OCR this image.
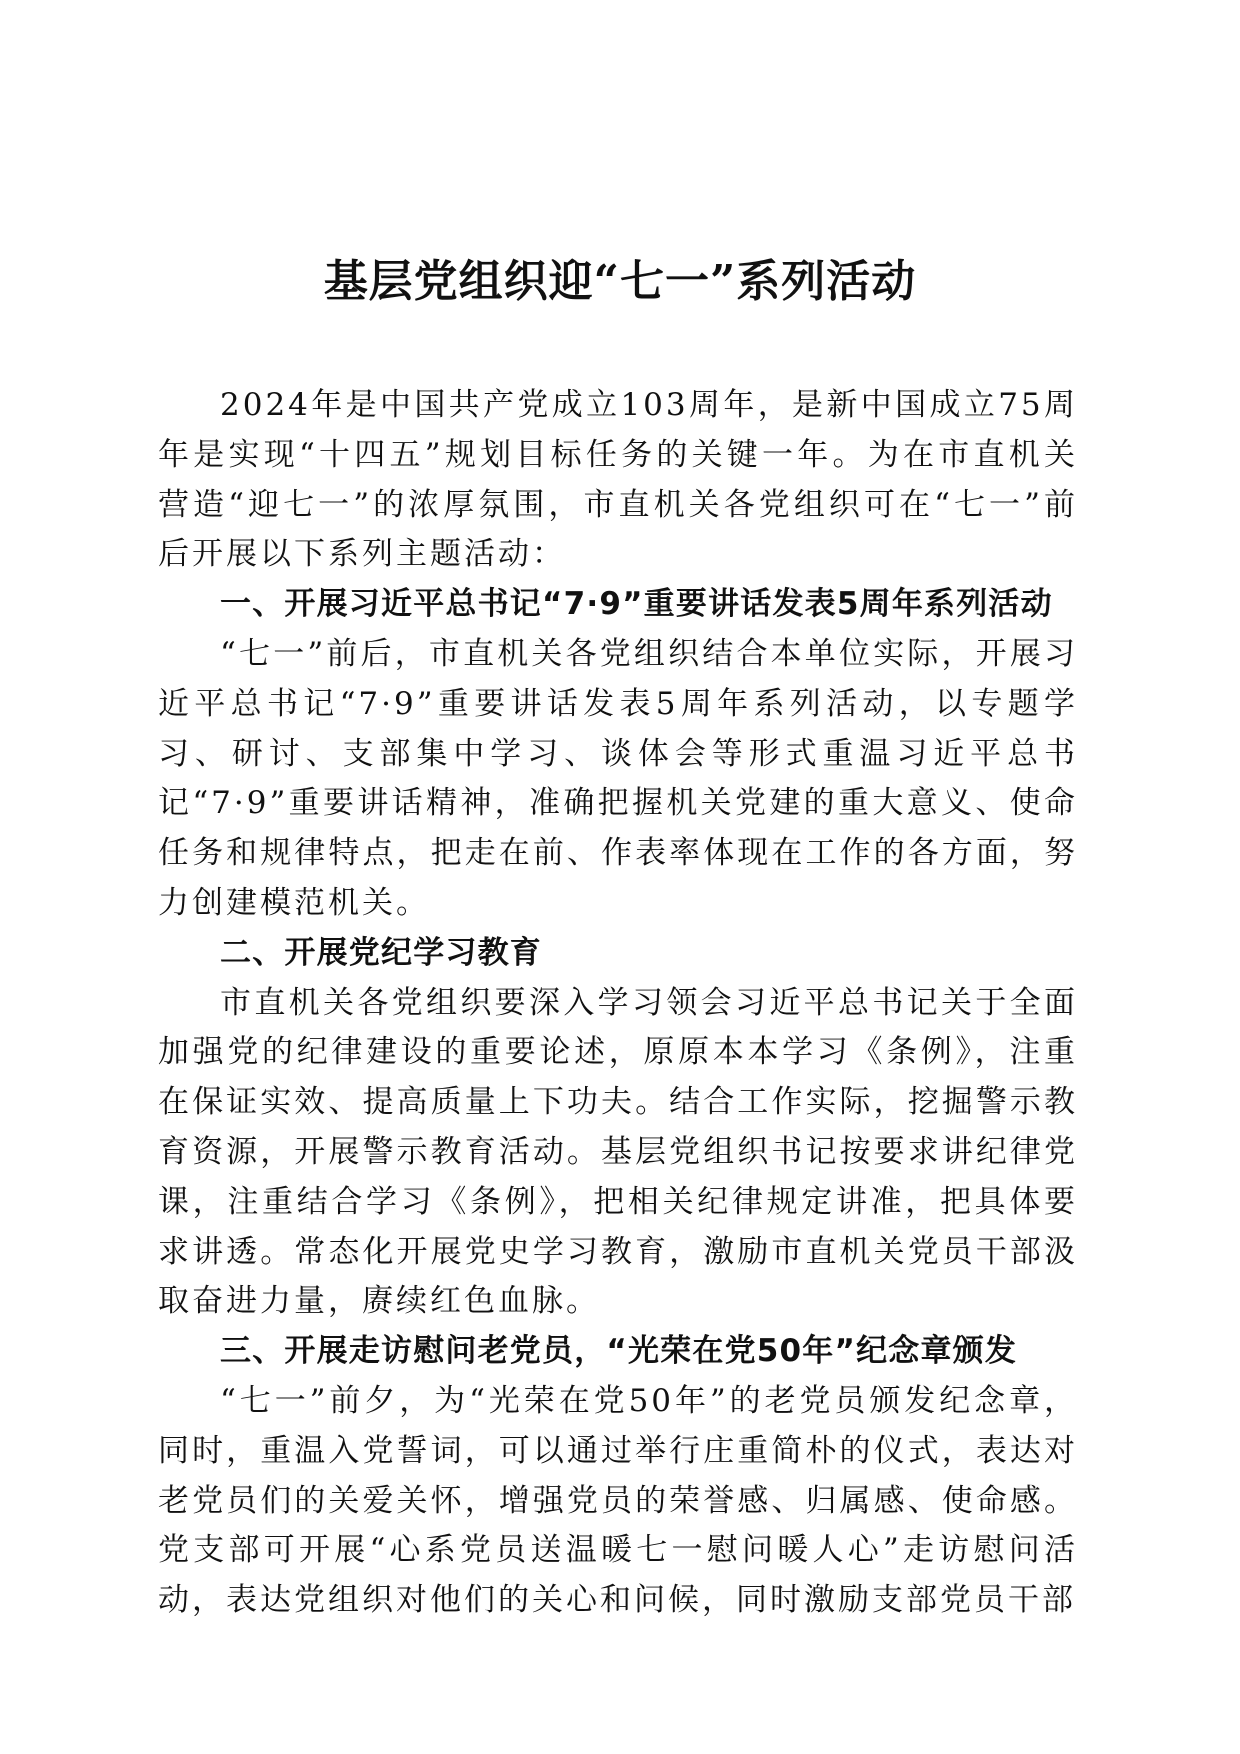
基层党组织迎“七一”系列活动

2024年是中国共产党成立103周年，是新中国成立75周年是实现“十四五”规划目标任务的关键一年。为在市直机关营造“迎七一”的浓厚氛围，市直机关各党组织可在“七一”前后开展以下系列主题活动：

一、开展习近平总书记“7·9”重要讲话发表5周年系列活动

“七一”前后，市直机关各党组织结合本单位实际，开展习近平总书记“7·9”重要讲话发表5周年系列活动，以专题学习、研讨、支部集中学习、谈体会等形式重温习近平总书记“7·9”重要讲话精神，准确把握机关党建的重大意义、使命任务和规律特点，把走在前、作表率体现在工作的各方面，努力创建模范机关。

二、开展党纪学习教育

市直机关各党组织要深入学习领会习近平总书记关于全面加强党的纪律建设的重要论述，原原本本学习《条例》，注重在保证实效、提高质量上下功夫。结合工作实际，挖掘警示教育资源，开展警示教育活动。基层党组织书记按要求讲纪律党课，注重结合学习《条例》，把相关纪律规定讲准，把具体要求讲透。常态化开展党史学习教育，激励市直机关党员干部汲取奋进力量，赓续红色血脉。

三、开展走访慰问老党员，“光荣在党50年”纪念章颁发

“七一”前夕，为“光荣在党50年”的老党员颁发纪念章，同时，重温入党誓词，可以通过举行庄重简朴的仪式，表达对老党员们的关爱关怀，增强党员的荣誉感、归属感、使命感。党支部可开展“心系党员送温暖七一慰问暖人心”走访慰问活动，表达党组织对他们的关心和问候，同时激励支部党员干部
